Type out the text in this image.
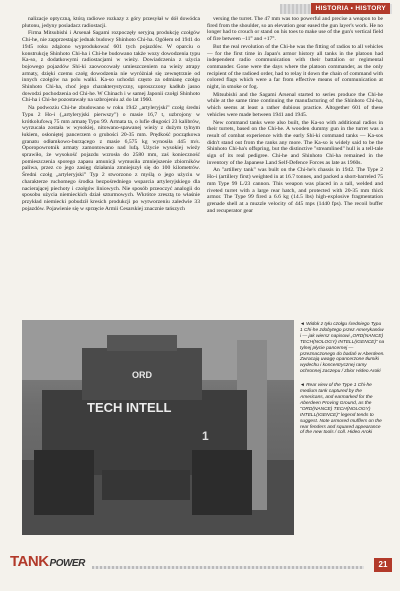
HISTORIA • HISTORY

nalizacje optyczną, którą radiowe rozkazy z góry przesyłał w dół dowódca plutonu, jedyny posiadacz radiostacji.

Firma Mitsubishi i Arsenał Sagami rozpoczęły seryjną produkcję czołgów Chi-he, nie zapprzestając jednak budowy Shinhoto Chi-ha. Ogółem od 1941 do 1945 roku zdążono wyprodukować 601 tych pojazdów. W oparciu o konstrukcję Shinhoto Chi-ha i Chi-he budowano także wozy dowodzenia typu Ka-so, z dodatkowymi radiostacjami w wieży. Dowiadczenia z użycia bojowego pojazdów Shi-ki zaowocowały umieszczeniem na wieży atrapy armaty, dzięki czemu czołg dowodzenia nie wyróżniał się zewnętrznie od innych czołgów na polu walki. Ka-so uchodzi często za odmianę czołgu Shinhoto Chi-ha, choć jego charakterystyczny, uproszczony kadłub jasno dowodzi pochodzenia od Chi-he. W Chinach i w samej Japonii czołgi Shinhoto Chi-ha i Chi-he pozostawały na uzbrojeniu aż do lat 1960.

Na podwoziu Chi-he zbudowano w roku 1942 „artyleryjski” czołg średni Typu 2 Ho-i („artyleryjski pierwszy”) o masie 16,7 t, uzbrojony w krótkolufową 75 mm armatę Typu 99. Armata ta, o lufie długości 23 kalibrów, wyrzucała została w wysokiej, nitowano-spawanej wieży z dużym tylnym łukiem, osłoniętej pancerzem o grubości 20-35 mm. Prędkość początkowa granatu odłamkowo-burzącego z masie 6,575 kg wynosiła 445 m/s. Oporopowrotnik armaty zamontowano nad lufą. Użycie wysokiej wieży sprawiło, że wysokość pojazdu wzrosła do 2580 mm, zaś konieczność pomieszczenia sporego zapasu amunicji wymusiła zmniejszenie zbiorników paliwa, przez co jego zasięg działania zmniejszył się do 100 kilometrów. Średni czołg „artyleryjski” Typ 2 stworzono z myślą o jego użyciu w charakterze ruchomego środka bezpośredniego wsparcia artyleryjskiego dla nacierającej piechoty i czołgów liniowych. Nie sposób przeoczyć analogii do sposobu użycia niemieckich dział szturmowych. Wkrótce zresztą to właśnie przykład niemiecki pobudził kresich produkcji po wytworzeniu zaledwie 33 pojazdów. Pojawienie się w sprzęcie Armii Cesarskiej znacznie tańszych

versing the turret. The 47 mm was too powerful and precise a weapon to be fired from the shoulder, so an elevation gear eased the gun layer's work. He no longer had to crouch or stand on his toes to make use of the gun's vertical field of fire between –11° and +17°.

But the real revolution of the Chi-he was the fitting of radios to all vehicles — for the first time in Japan's armor history all tanks in the platoon had independent radio communication with their battalion or regimental commander. Gone were the days where the platoon commander, as the only recipient of the radioed order, had to relay it down the chain of command with colored flags which were a far from effective means of communication at night, in smoke or fog.

Mitsubishi and the Sagami Arsenal started to series produce the Chi-he while at the same time continuing the manufacturing of the Shinhoto Chi-ha, which seems at least a rather dubious practice. Altogether 601 of these vehicles were made between 1941 and 1945.

New command tanks were also built, the Ka-so with additional radios in their turrets, based on the Chi-he. A wooden dummy gun in the turret was a result of combat experience with the early Shi-ki command tanks — Ka-sos didn't stand out from the ranks any more. The Ka-so is widely said to be the Shinhoto Chi-ha's offspring, but the distinctive "streamlined" hull is a tell-tale sign of its real pedigree. Chi-he and Shinhoto Chi-ha remained in the inventory of the Japanese Land Self-Defence Forces as late as 1960s.

An "artillery tank" was built on the Chi-he's chassis in 1942. The Type 2 Ho-i (artillery first) weighted in at 16.7 tonnes, and packed a short-barreled 75 mm Type 99 L/23 cannon. This weapon was placed in a tall, welded and riveted turret with a large rear hatch, and protected with 20-35 mm thick armor. The Type 99 fired a 6.6 kg (14.5 lbs) high-explosive fragmentation grenade shell at a muzzle velocity of 445 mps (1440 fps). The recoil buffer and recuperator gear

ORD
TECH INTELL
1

◄ Widok z tyłu czołgu średniego Typu 1 Chi-he zdobytego przez Amerykanów i — jak wiersz napisowi „ORD(NANCE) TECH(NOLOGY) INTELL(IGENCE)” na tylnej płycie pancernej — przeznaczonego do badań w Aberdeen. Zwracają uwagę opancerzone tłumiki wydechu i koncentrycznej ramy ochronnej zaczepu / zbior Hideo Aroki

◄ Rear view of the Type 1 Chi-he medium tank captured by the Americans, and earmarked for the Aberdeen Proving Ground, as the "ORD(NANCE) TECH(NOLOGY) INTELL(IGENCE)" legend tends to suggest. Note armored mufflers on the rear fenders and squared appearance of the new tools / coll. Hideo Aroki

TANKPOWER	21
